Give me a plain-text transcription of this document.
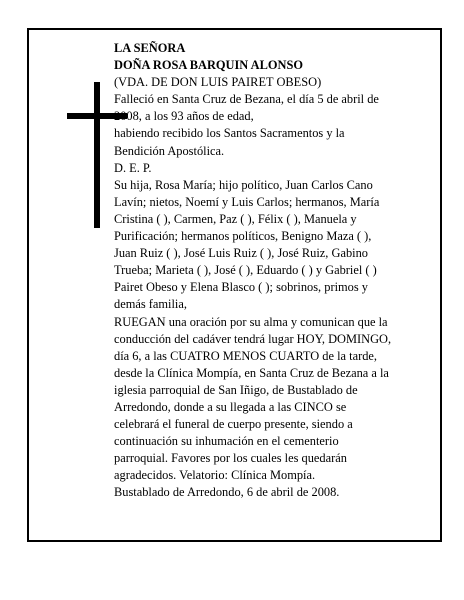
LA SEÑORA

DOÑA ROSA BARQUIN ALONSO

(VDA. DE DON LUIS PAIRET OBESO)

Falleció en Santa Cruz de Bezana, el día 5 de abril de

2008, a los 93 años de edad,

habiendo recibido los Santos Sacramentos y la

Bendición Apostólica.

D. E. P.

Su hija, Rosa María; hijo político, Juan Carlos Cano

Lavín; nietos, Noemí y Luis Carlos; hermanos, María

Cristina ( ), Carmen, Paz ( ), Félix ( ), Manuela y

Purificación; hermanos políticos, Benigno Maza ( ),

Juan Ruiz ( ), José Luis Ruiz ( ), José Ruiz, Gabino

Trueba; Marieta ( ), José ( ), Eduardo ( ) y Gabriel ( )

Pairet Obeso y Elena Blasco ( ); sobrinos, primos y

demás familia,

RUEGAN una oración por su alma y comunican que la

conducción del cadáver tendrá lugar HOY, DOMINGO,

día 6, a las CUATRO MENOS CUARTO de la tarde,

desde la Clínica Mompía, en Santa Cruz de Bezana a la

iglesia parroquial de San Iñigo, de Bustablado de

Arredondo, donde a su llegada a las CINCO se

celebrará el funeral de cuerpo presente, siendo a

continuación su inhumación en el cementerio

parroquial. Favores por los cuales les quedarán

agradecidos. Velatorio: Clínica Mompía.

Bustablado de Arredondo, 6 de abril de 2008.
